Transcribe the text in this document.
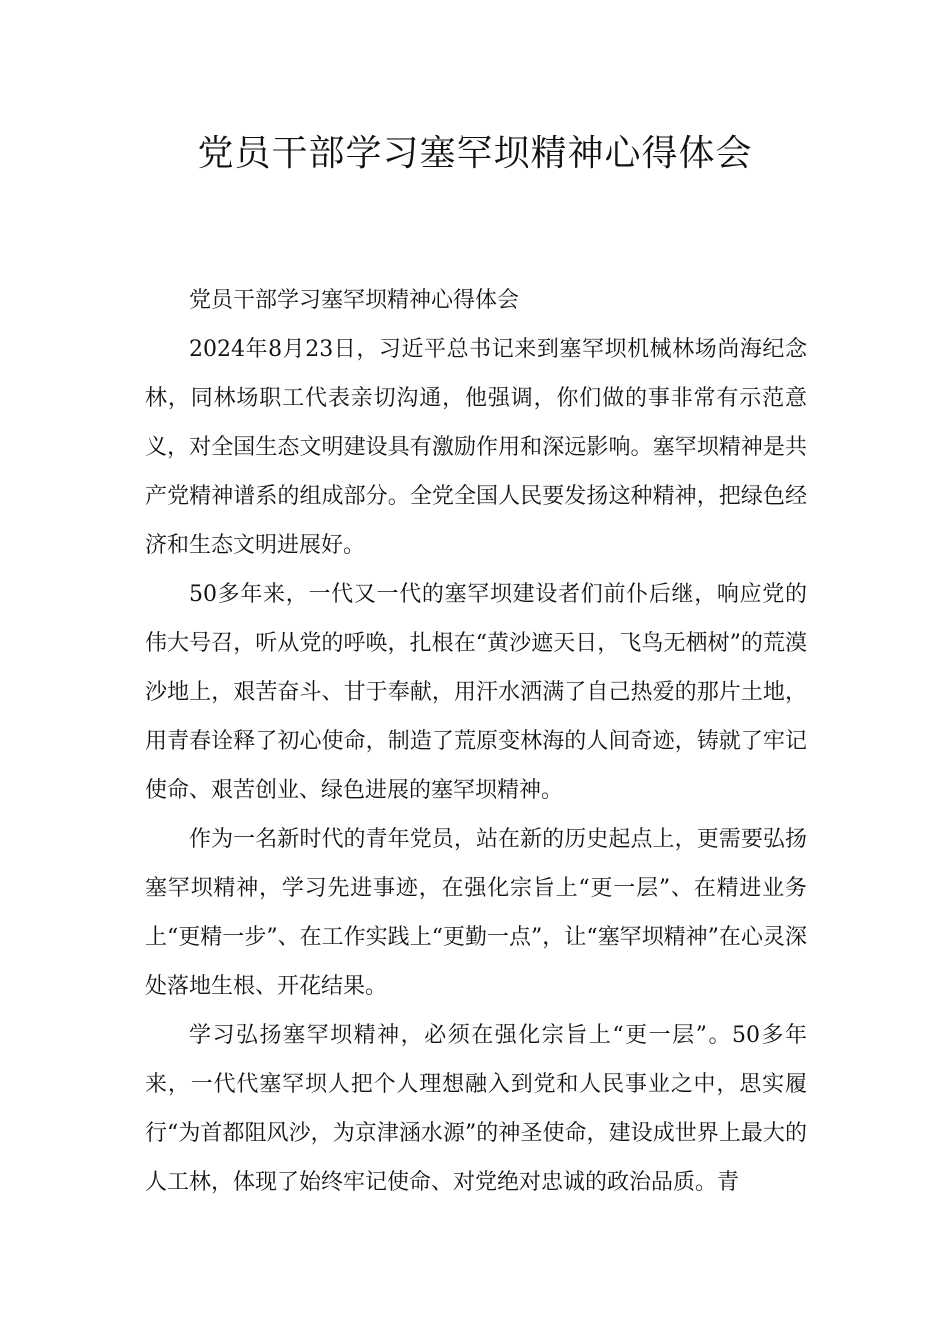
党员干部学习塞罕坝精神心得体会

党员干部学习塞罕坝精神心得体会

2024年8月23日，习近平总书记来到塞罕坝机械林场尚海纪念林，同林场职工代表亲切沟通，他强调，你们做的事非常有示范意义，对全国生态文明建设具有激励作用和深远影响。塞罕坝精神是共产党精神谱系的组成部分。全党全国人民要发扬这种精神，把绿色经济和生态文明进展好。

50多年来，一代又一代的塞罕坝建设者们前仆后继，响应党的伟大号召，听从党的呼唤，扎根在“黄沙遮天日，飞鸟无栖树”的荒漠沙地上，艰苦奋斗、甘于奉献，用汗水洒满了自己热爱的那片土地，用青春诠释了初心使命，制造了荒原变林海的人间奇迹，铸就了牢记使命、艰苦创业、绿色进展的塞罕坝精神。

作为一名新时代的青年党员，站在新的历史起点上，更需要弘扬塞罕坝精神，学习先进事迹，在强化宗旨上“更一层”、在精进业务上“更精一步”、在工作实践上“更勤一点”，让“塞罕坝精神”在心灵深处落地生根、开花结果。

学习弘扬塞罕坝精神，必须在强化宗旨上“更一层”。50多年来，一代代塞罕坝人把个人理想融入到党和人民事业之中，思实履行“为首都阻风沙，为京津涵水源”的神圣使命，建设成世界上最大的人工林，体现了始终牢记使命、对党绝对忠诚的政治品质。青
